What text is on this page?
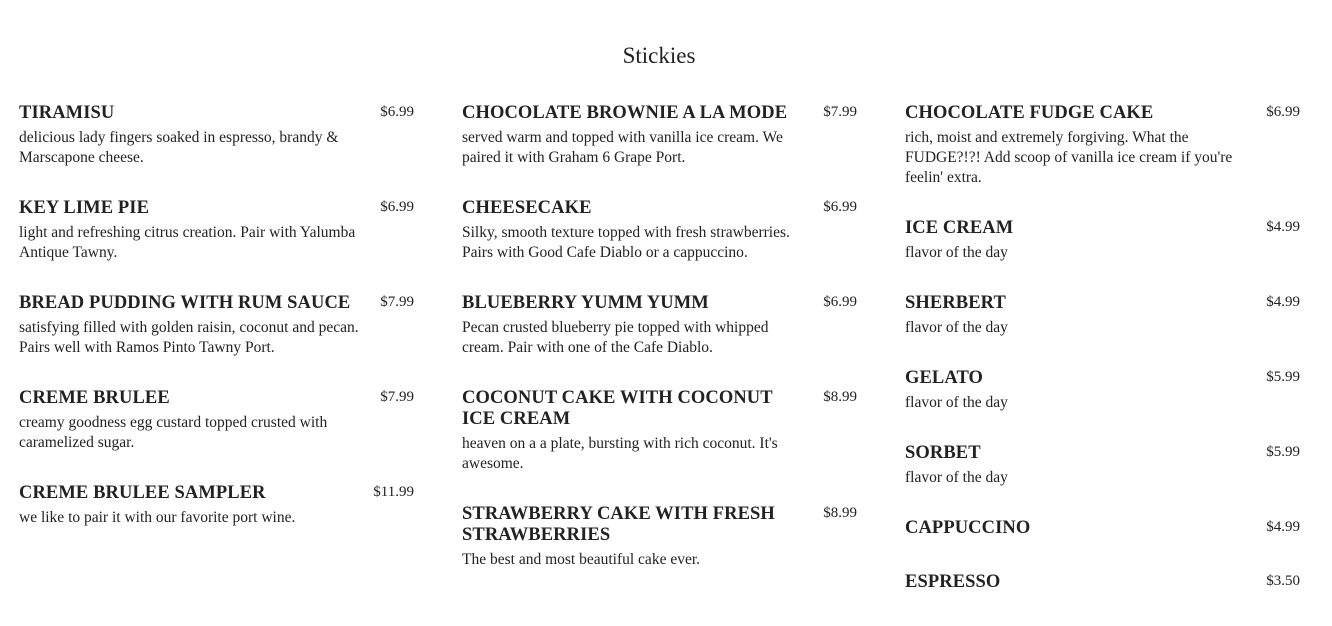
Stickies
TIRAMISU	$6.99
delicious lady fingers soaked in espresso, brandy & Marscapone cheese.
KEY LIME PIE	$6.99
light and refreshing citrus creation. Pair with Yalumba Antique Tawny.
BREAD PUDDING WITH RUM SAUCE $7.99
satisfying filled with golden raisin, coconut and pecan. Pairs well with Ramos Pinto Tawny Port.
CREME BRULEE	$7.99
creamy goodness egg custard topped crusted with caramelized sugar.
CREME BRULEE SAMPLER	$11.99
we like to pair it with our favorite port wine.
CHOCOLATE BROWNIE A LA MODE $7.99
served warm and topped with vanilla ice cream. We paired it with Graham 6 Grape Port.
CHEESECAKE	$6.99
Silky, smooth texture topped with fresh strawberries. Pairs with Good Cafe Diablo or a cappuccino.
BLUEBERRY YUMM YUMM	$6.99
Pecan crusted blueberry pie topped with whipped cream. Pair with one of the Cafe Diablo.
COCONUT CAKE WITH COCONUT ICE CREAM
$8.99
heaven on a a plate, bursting with rich coconut. It's awesome.
STRAWBERRY CAKE WITH FRESH STRAWBERRIES
$8.99
The best and most beautiful cake ever.
CHOCOLATE FUDGE CAKE	$6.99
rich, moist and extremely forgiving. What the FUDGE?!?! Add scoop of vanilla ice cream if you're feelin' extra.
ICE CREAM	$4.99
flavor of the day
SHERBERT	$4.99
flavor of the day
GELATO	$5.99
flavor of the day
SORBET	$5.99
flavor of the day
CAPPUCCINO	$4.99
ESPRESSO	$3.50
